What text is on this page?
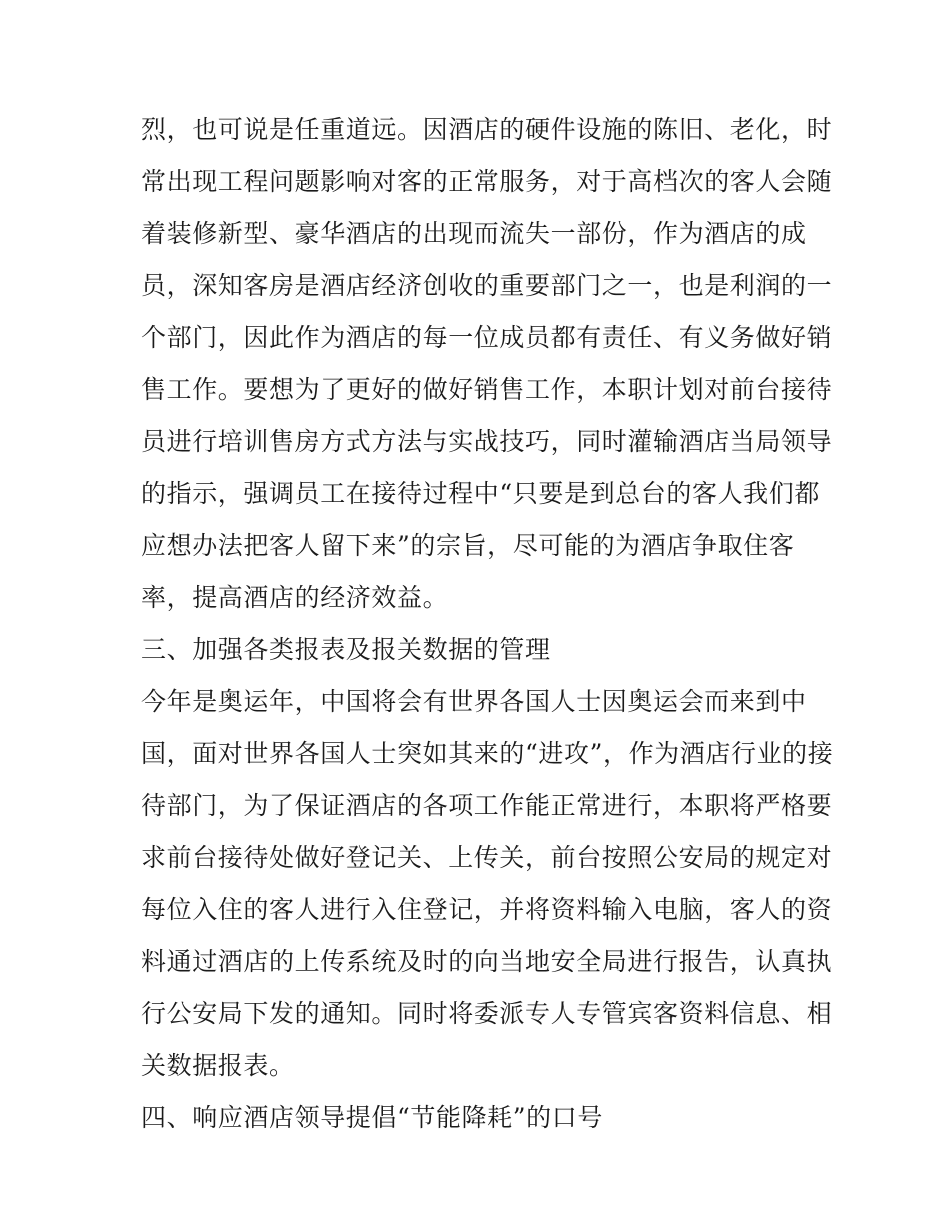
烈，也可说是任重道远。因酒店的硬件设施的陈旧、老化，时
常出现工程问题影响对客的正常服务，对于高档次的客人会随
着装修新型、豪华酒店的出现而流失一部份，作为酒店的成
员，深知客房是酒店经济创收的重要部门之一，也是利润的一
个部门，因此作为酒店的每一位成员都有责任、有义务做好销
售工作。要想为了更好的做好销售工作，本职计划对前台接待
员进行培训售房方式方法与实战技巧，同时灌输酒店当局领导
的指示，强调员工在接待过程中“只要是到总台的客人我们都
应想办法把客人留下来”的宗旨，尽可能的为酒店争取住客
率，提高酒店的经济效益。
三、加强各类报表及报关数据的管理
今年是奥运年，中国将会有世界各国人士因奥运会而来到中
国，面对世界各国人士突如其来的“进攻”，作为酒店行业的接
待部门，为了保证酒店的各项工作能正常进行，本职将严格要
求前台接待处做好登记关、上传关，前台按照公安局的规定对
每位入住的客人进行入住登记，并将资料输入电脑，客人的资
料通过酒店的上传系统及时的向当地安全局进行报告，认真执
行公安局下发的通知。同时将委派专人专管宾客资料信息、相
关数据报表。
四、响应酒店领导提倡“节能降耗”的口号
